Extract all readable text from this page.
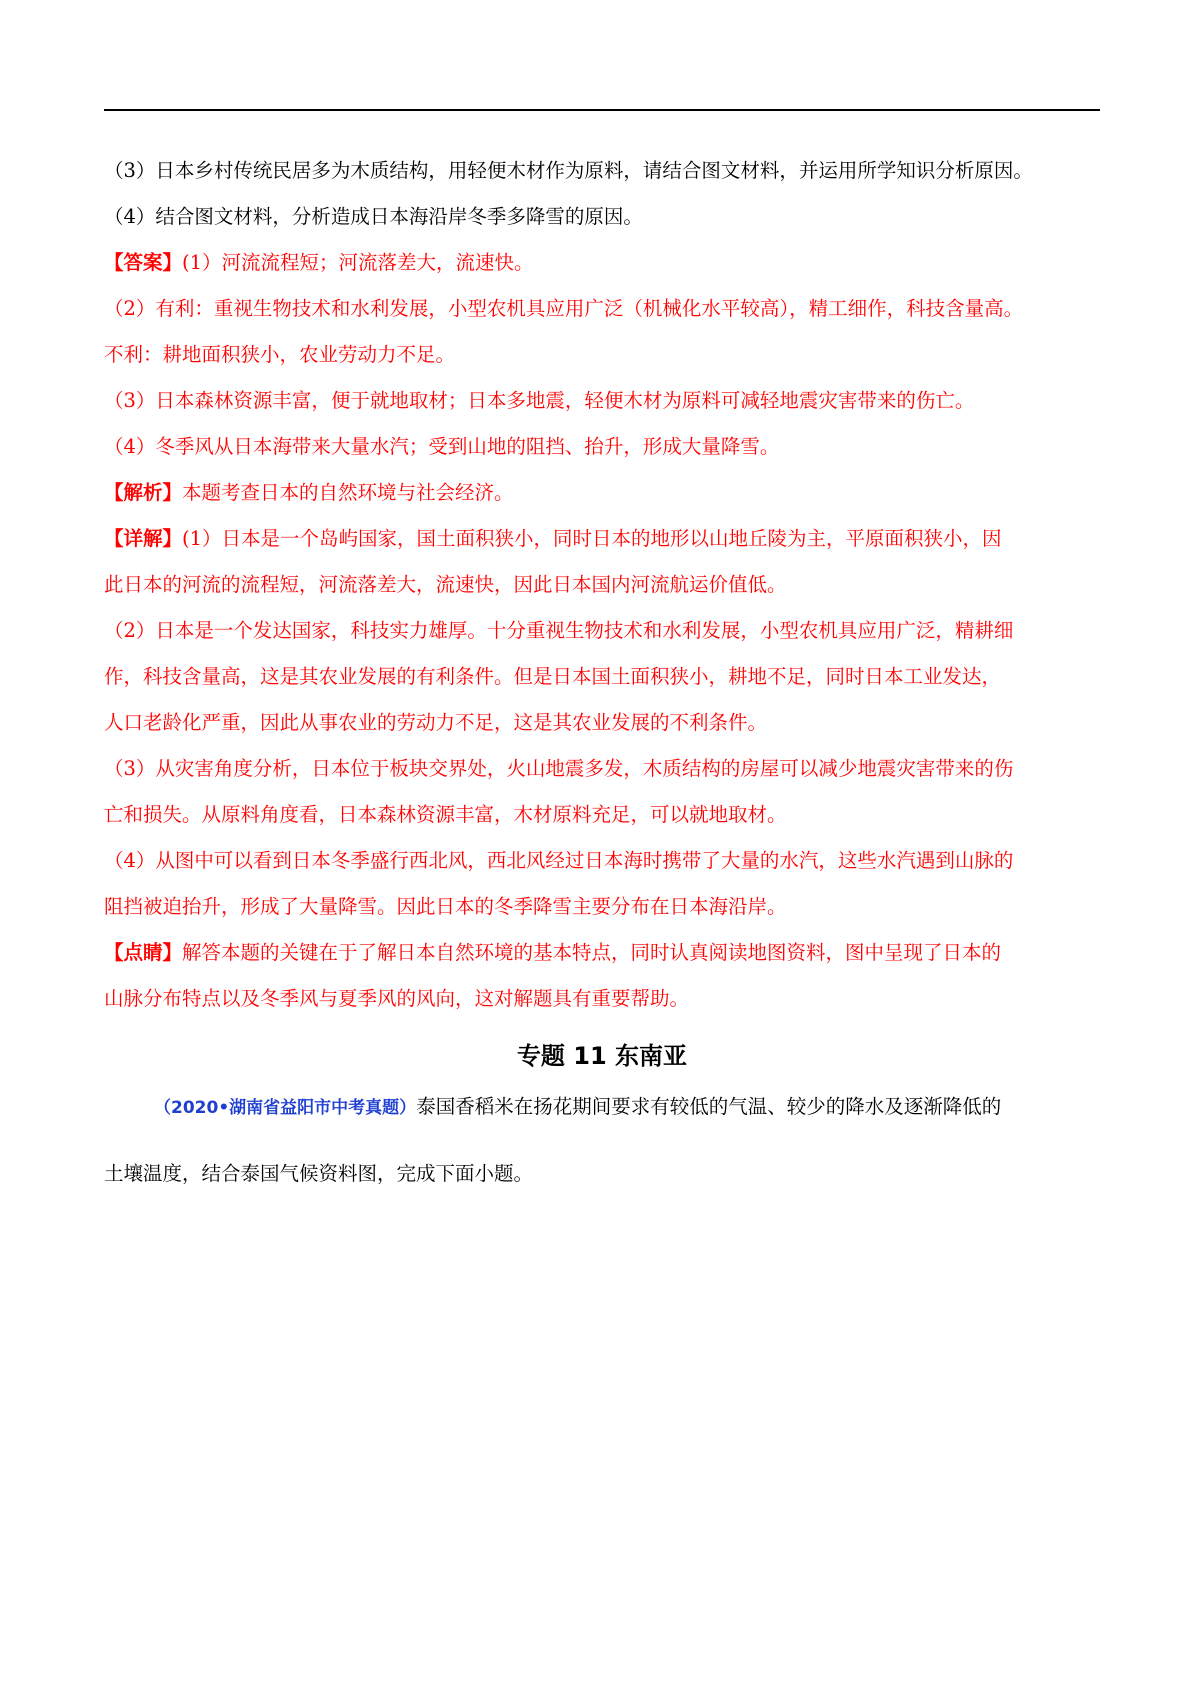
（3）日本乡村传统民居多为木质结构，用轻便木材作为原料，请结合图文材料，并运用所学知识分析原因。

（4）结合图文材料，分析造成日本海沿岸冬季多降雪的原因。

【答案】(1）河流流程短；河流落差大，流速快。

（2）有利：重视生物技术和水利发展，小型农机具应用广泛（机械化水平较高），精工细作，科技含量高。

不利：耕地面积狭小，农业劳动力不足。

（3）日本森林资源丰富，便于就地取材；日本多地震，轻便木材为原料可减轻地震灾害带来的伤亡。

（4）冬季风从日本海带来大量水汽；受到山地的阻挡、抬升，形成大量降雪。

【解析】本题考查日本的自然环境与社会经济。

【详解】(1）日本是一个岛屿国家，国土面积狭小，同时日本的地形以山地丘陵为主，平原面积狭小，因

此日本的河流的流程短，河流落差大，流速快，因此日本国内河流航运价值低。

（2）日本是一个发达国家，科技实力雄厚。十分重视生物技术和水利发展，小型农机具应用广泛，精耕细

作，科技含量高，这是其农业发展的有利条件。但是日本国土面积狭小，耕地不足，同时日本工业发达，

人口老龄化严重，因此从事农业的劳动力不足，这是其农业发展的不利条件。

（3）从灾害角度分析，日本位于板块交界处，火山地震多发，木质结构的房屋可以减少地震灾害带来的伤

亡和损失。从原料角度看，日本森林资源丰富，木材原料充足，可以就地取材。

（4）从图中可以看到日本冬季盛行西北风，西北风经过日本海时携带了大量的水汽，这些水汽遇到山脉的

阻挡被迫抬升，形成了大量降雪。因此日本的冬季降雪主要分布在日本海沿岸。

【点睛】解答本题的关键在于了解日本自然环境的基本特点，同时认真阅读地图资料，图中呈现了日本的

山脉分布特点以及冬季风与夏季风的风向，这对解题具有重要帮助。

专题 11 东南亚

（2020•湖南省益阳市中考真题）泰国香稻米在扬花期间要求有较低的气温、较少的降水及逐渐降低的

土壤温度，结合泰国气候资料图，完成下面小题。
